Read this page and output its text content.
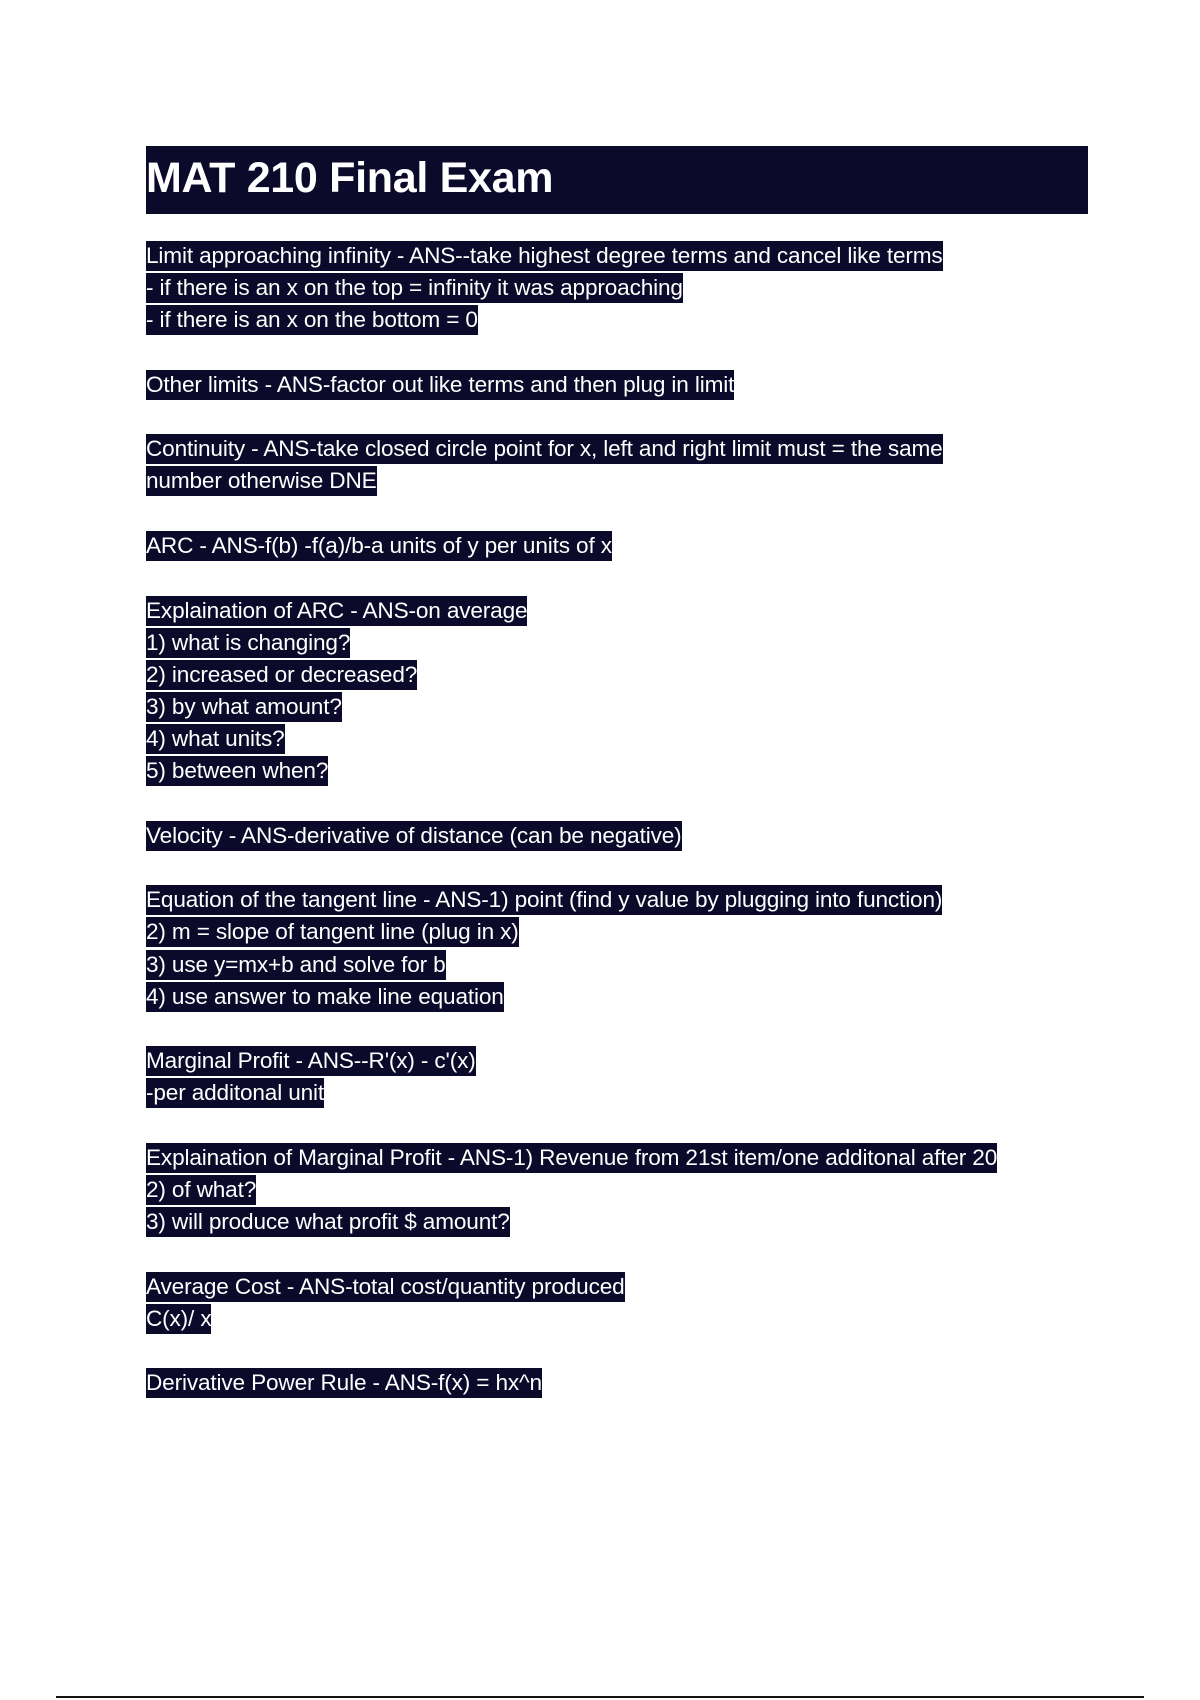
MAT 210 Final Exam
Limit approaching infinity - ANS--take highest degree terms and cancel like terms
- if there is an x on the top = infinity it was approaching
- if there is an x on the bottom = 0
Other limits - ANS-factor out like terms and then plug in limit
Continuity - ANS-take closed circle point for x, left and right limit must = the same
number otherwise DNE
ARC - ANS-f(b) -f(a)/b-a units of y per units of x
Explaination of ARC - ANS-on average
1) what is changing?
2) increased or decreased?
3) by what amount?
4) what units?
5) between when?
Velocity - ANS-derivative of distance (can be negative)
Equation of the tangent line - ANS-1) point (find y value by plugging into function)
2) m = slope of tangent line (plug in x)
3) use y=mx+b and solve for b
4) use answer to make line equation
Marginal Profit - ANS--R'(x) - c'(x)
-per additonal unit
Explaination of Marginal Profit - ANS-1) Revenue from 21st item/one additonal after 20
2) of what?
3) will produce what profit $ amount?
Average Cost - ANS-total cost/quantity produced
C(x)/ x
Derivative Power Rule - ANS-f(x) = hx^n
